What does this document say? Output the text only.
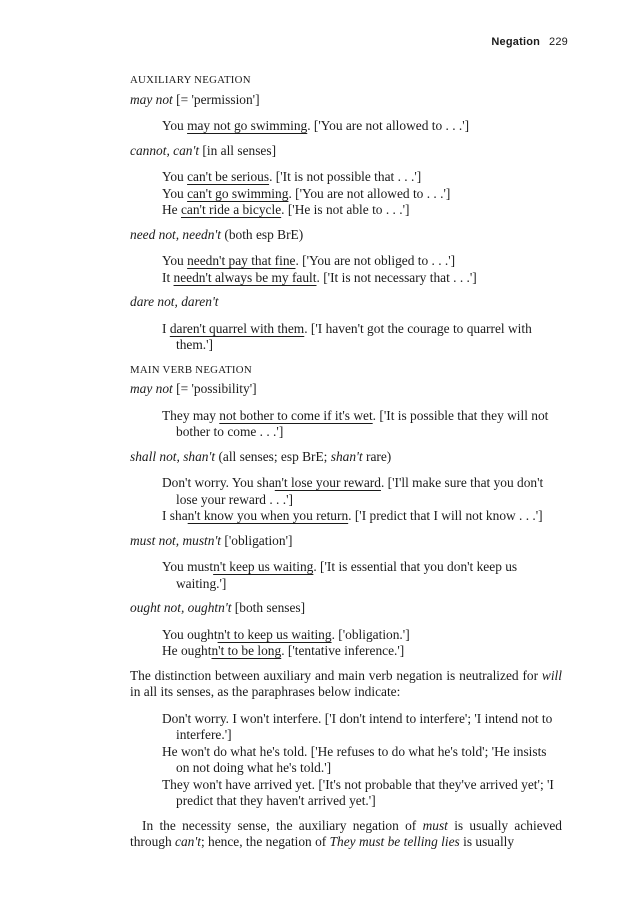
Negation 229
AUXILIARY NEGATION
may not [= 'permission']
You may not go swimming. ['You are not allowed to . . .']
cannot, can't [in all senses]
You can't be serious. ['It is not possible that . . .']
You can't go swimming. ['You are not allowed to . . .']
He can't ride a bicycle. ['He is not able to . . .']
need not, needn't (both esp BrE)
You needn't pay that fine. ['You are not obliged to . . .']
It needn't always be my fault. ['It is not necessary that . . .']
dare not, daren't
I daren't quarrel with them. ['I haven't got the courage to quarrel with them.']
MAIN VERB NEGATION
may not [= 'possibility']
They may not bother to come if it's wet. ['It is possible that they will not bother to come . . .']
shall not, shan't (all senses; esp BrE; shan't rare)
Don't worry. You shan't lose your reward. ['I'll make sure that you don't lose your reward . . .']
I shan't know you when you return. ['I predict that I will not know . . .']
must not, mustn't ['obligation']
You mustn't keep us waiting. ['It is essential that you don't keep us waiting.']
ought not, oughtn't [both senses]
You oughtn't to keep us waiting. ['obligation.']
He oughtn't to be long. ['tentative inference.']
The distinction between auxiliary and main verb negation is neutralized for will in all its senses, as the paraphrases below indicate:
Don't worry. I won't interfere. ['I don't intend to interfere'; 'I intend not to interfere.']
He won't do what he's told. ['He refuses to do what he's told'; 'He insists on not doing what he's told.']
They won't have arrived yet. ['It's not probable that they've arrived yet'; 'I predict that they haven't arrived yet.']
In the necessity sense, the auxiliary negation of must is usually achieved through can't; hence, the negation of They must be telling lies is usually
